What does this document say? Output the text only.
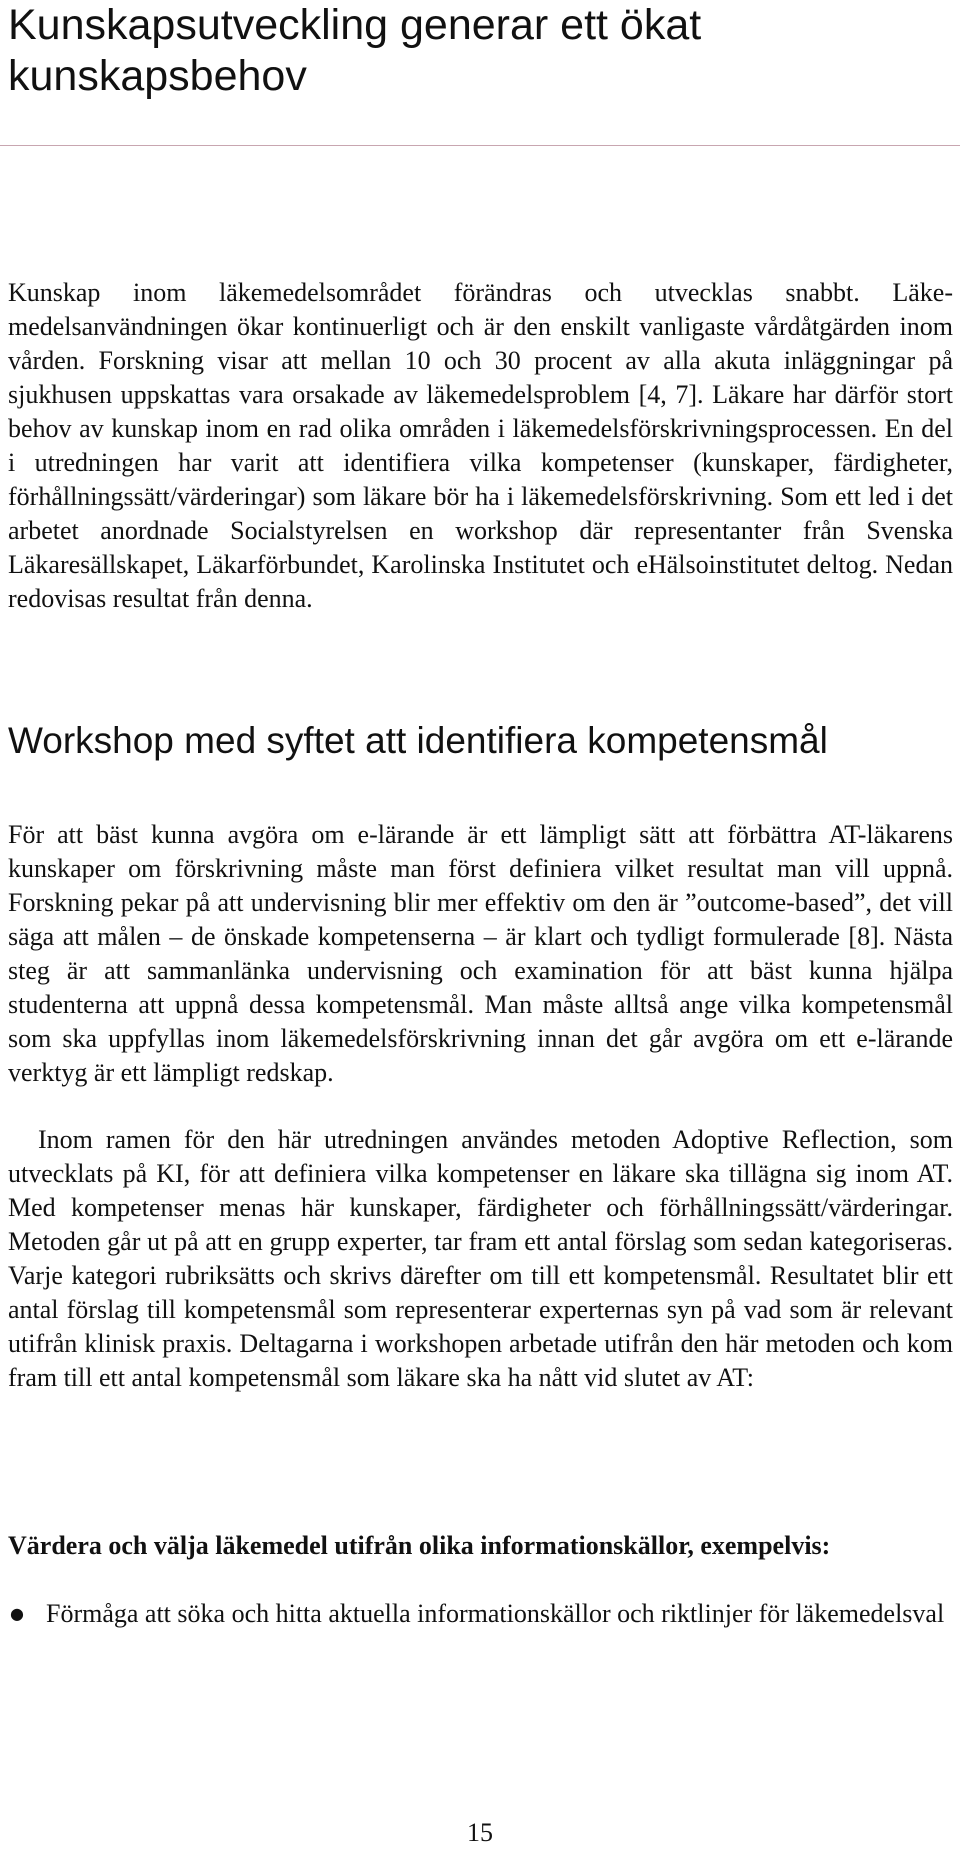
Kunskapsutveckling generar ett ökat kunskapsbehov

Kunskap inom läkemedelsområdet förändras och utvecklas snabbt. Läkemedelsanvändningen ökar kontinuerligt och är den enskilt vanligaste vårdåtgärden inom vården. Forskning visar att mellan 10 och 30 procent av alla akuta inläggningar på sjukhusen uppskattas vara orsakade av läkemedelsproblem [4, 7]. Läkare har därför stort behov av kunskap inom en rad olika områden i läkemedelsförskrivningsprocessen. En del i utredningen har varit att identifiera vilka kompetenser (kunskaper, färdigheter, förhållningssätt/värderingar) som läkare bör ha i läkemedelsförskrivning. Som ett led i det arbetet anordnade Socialstyrelsen en workshop där representanter från Svenska Läkaresällskapet, Läkarförbundet, Karolinska Institutet och eHälsoinstitutet deltog. Nedan redovisas resultat från denna.

Workshop med syftet att identifiera kompetensmål

För att bäst kunna avgöra om e-lärande är ett lämpligt sätt att förbättra AT-läkarens kunskaper om förskrivning måste man först definiera vilket resultat man vill uppnå. Forskning pekar på att undervisning blir mer effektiv om den är ”outcome-based”, det vill säga att målen – de önskade kompetenserna – är klart och tydligt formulerade [8]. Nästa steg är att sammanlänka undervisning och examination för att bäst kunna hjälpa studenterna att uppnå dessa kompetensmål. Man måste alltså ange vilka kompetensmål som ska uppfyllas inom läkemedelsförskrivning innan det går avgöra om ett e-lärande verktyg är ett lämpligt redskap.

Inom ramen för den här utredningen användes metoden Adoptive Reflection, som utvecklats på KI, för att definiera vilka kompetenser en läkare ska tillägna sig inom AT. Med kompetenser menas här kunskaper, färdigheter och förhållningssätt/värderingar. Metoden går ut på att en grupp experter, tar fram ett antal förslag som sedan kategoriseras. Varje kategori rubriksätts och skrivs därefter om till ett kompetensmål. Resultatet blir ett antal förslag till kompetensmål som representerar experternas syn på vad som är relevant utifrån klinisk praxis. Deltagarna i workshopen arbetade utifrån den här metoden och kom fram till ett antal kompetensmål som läkare ska ha nått vid slutet av AT:

Värdera och välja läkemedel utifrån olika informationskällor, exempelvis:

● Förmåga att söka och hitta aktuella informationskällor och riktlinjer för läkemedelsval

15
